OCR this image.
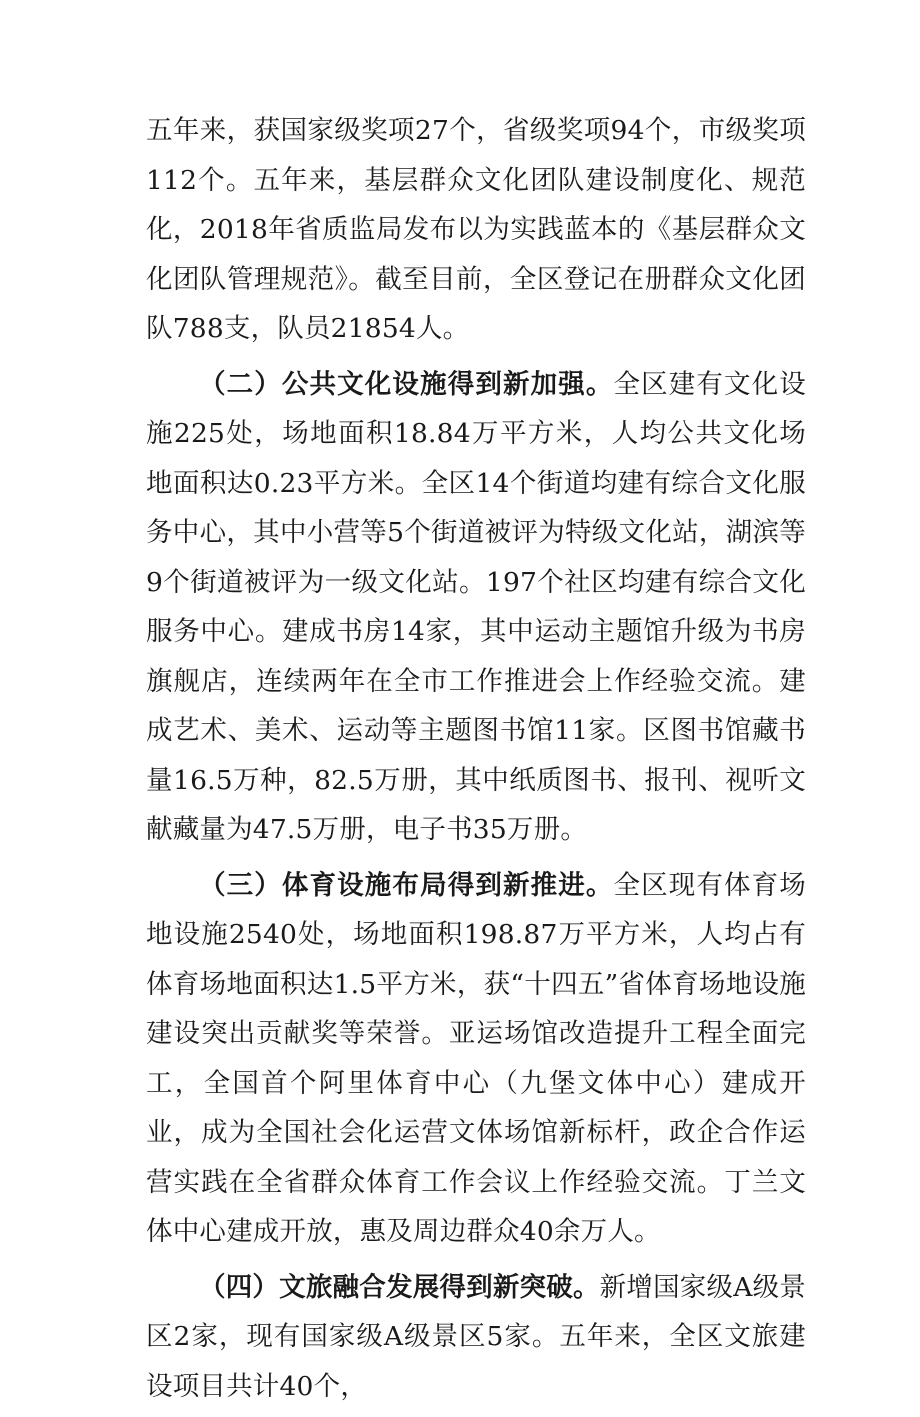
五年来，获国家级奖项27个，省级奖项94个，市级奖项112个。五年来，基层群众文化团队建设制度化、规范化，2018年省质监局发布以为实践蓝本的《基层群众文化团队管理规范》。截至目前，全区登记在册群众文化团队788支，队员21854人。

（二）公共文化设施得到新加强。全区建有文化设施225处，场地面积18.84万平方米，人均公共文化场地面积达0.23平方米。全区14个街道均建有综合文化服务中心，其中小营等5个街道被评为特级文化站，湖滨等9个街道被评为一级文化站。197个社区均建有综合文化服务中心。建成书房14家，其中运动主题馆升级为书房旗舰店，连续两年在全市工作推进会上作经验交流。建成艺术、美术、运动等主题图书馆11家。区图书馆藏书量16.5万种，82.5万册，其中纸质图书、报刊、视听文献藏量为47.5万册，电子书35万册。

（三）体育设施布局得到新推进。全区现有体育场地设施2540处，场地面积198.87万平方米，人均占有体育场地面积达1.5平方米，获“十四五”省体育场地设施建设突出贡献奖等荣誉。亚运场馆改造提升工程全面完工，全国首个阿里体育中心（九堡文体中心）建成开业，成为全国社会化运营文体场馆新标杆，政企合作运营实践在全省群众体育工作会议上作经验交流。丁兰文体中心建成开放，惠及周边群众40余万人。

（四）文旅融合发展得到新突破。新增国家级A级景区2家，现有国家级A级景区5家。五年来，全区文旅建设项目共计40个，
